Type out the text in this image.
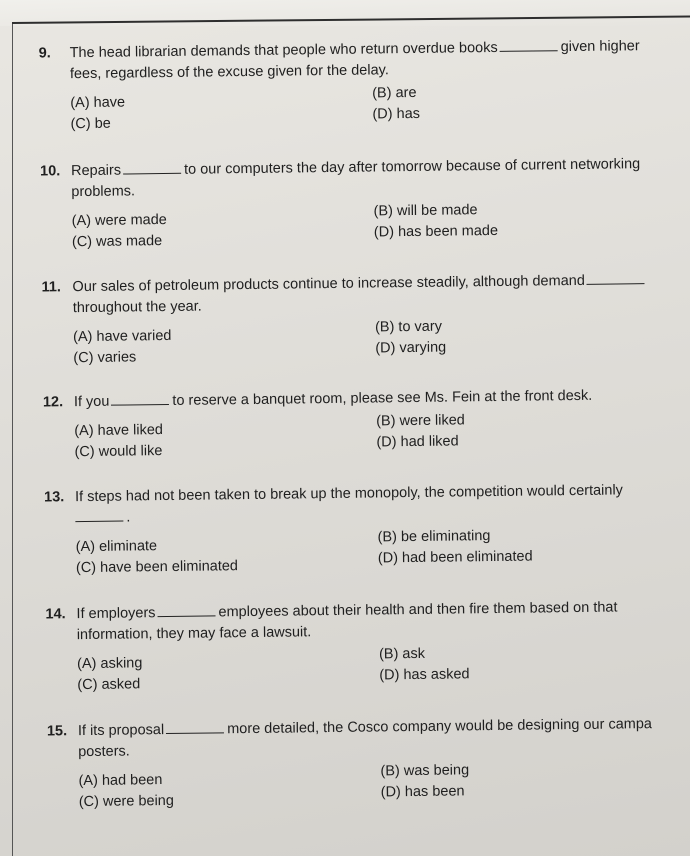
9. The head librarian demands that people who return overdue books	given higher
fees, regardless of the excuse given for the delay.
(A) have
(B) are
(C) be
(D) has
10. Repairs	to our computers the day after tomorrow because of current networking
problems.
(A) were made
(B) will be made
(C) was made
(D) has been made
11. Our sales of petroleum products continue to increase steadily, although demand
throughout the year.
(A) have varied
(B) to vary
(C) varies
(D) varying
12. If you	to reserve a banquet room, please see Ms. Fein at the front desk.
(A) have liked
(B) were liked
(C) would like
(D) had liked
13. If steps had not been taken to break up the monopoly, the competition would certainly
.
(A) eliminate
(B) be eliminating
(C) have been eliminated
(D) had been eliminated
14. If employers	employees about their health and then fire them based on that
information, they may face a lawsuit.
(A) asking
(B) ask
(C) asked
(D) has asked
15. If its proposal	more detailed, the Cosco company would be designing our campa
posters.
(A) had been
(B) was being
(C) were being
(D) has been
